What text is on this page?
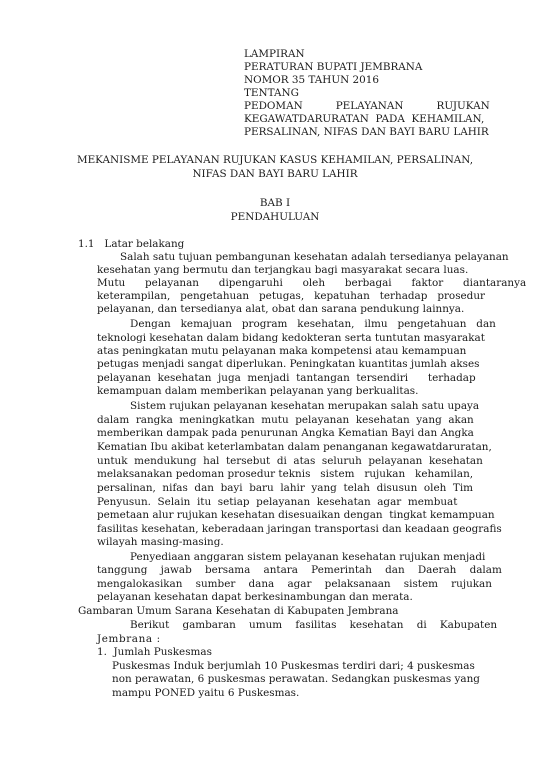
LAMPIRAN
PERATURAN BUPATI JEMBRANA
NOMOR 35 TAHUN 2016
TENTANG
PEDOMAN          PELAYANAN          RUJUKAN
KEGAWATDARURATAN  PADA  KEHAMILAN,
PERSALINAN, NIFAS DAN BAYI BARU LAHIR
MEKANISME PELAYANAN RUJUKAN KASUS KEHAMILAN, PERSALINAN,
NIFAS DAN BAYI BARU LAHIR
BAB I
PENDAHULUAN
1.1   Latar belakang
Salah satu tujuan pembangunan kesehatan adalah tersedianya pelayanan
kesehatan yang bermutu dan terjangkau bagi masyarakat secara luas.
Mutu      pelayanan      dipengaruhi      oleh      berbagai      faktor      diantaranya
keterampilan,   pengetahuan   petugas,   kepatuhan   terhadap   prosedur
pelayanan, dan tersedianya alat, obat dan sarana pendukung lainnya.
Dengan   kemajuan   program   kesehatan,   ilmu   pengetahuan   dan
teknologi kesehatan dalam bidang kedokteran serta tuntutan masyarakat
atas peningkatan mutu pelayanan maka kompetensi atau kemampuan
petugas menjadi sangat diperlukan. Peningkatan kuantitas jumlah akses
pelayanan  kesehatan  juga  menjadi  tantangan  tersendiri      terhadap
kemampuan dalam memberikan pelayanan yang berkualitas.
Sistem rujukan pelayanan kesehatan merupakan salah satu upaya
dalam  rangka  meningkatkan  mutu  pelayanan  kesehatan  yang  akan
memberikan dampak pada penurunan Angka Kematian Bayi dan Angka
Kematian Ibu akibat keterlambatan dalam penanganan kegawatdaruratan,
untuk  mendukung  hal  tersebut  di  atas  seluruh  pelayanan  kesehatan
melaksanakan pedoman prosedur teknis   sistem   rujukan   kehamilan,
persalinan,  nifas  dan  bayi  baru  lahir  yang  telah  disusun  oleh  Tim
Penyusun.  Selain  itu  setiap  pelayanan  kesehatan  agar  membuat
pemetaan alur rujukan kesehatan disesuaikan dengan  tingkat kemampuan
fasilitas kesehatan, keberadaan jaringan transportasi dan keadaan geografis
wilayah masing-masing.
Penyediaan anggaran sistem pelayanan kesehatan rujukan menjadi
tanggung    jawab    bersama    antara    Pemerintah    dan    Daerah    dalam
mengalokasikan    sumber    dana    agar    pelaksanaan    sistem    rujukan
pelayanan kesehatan dapat berkesinambungan dan merata.
Gambaran Umum Sarana Kesehatan di Kabupaten Jembrana
Berikut    gambaran    umum    fasilitas    kesehatan    di    Kabupaten
Jembrana :
1.  Jumlah Puskesmas
Puskesmas Induk berjumlah 10 Puskesmas terdiri dari; 4 puskesmas
non perawatan, 6 puskesmas perawatan. Sedangkan puskesmas yang
mampu PONED yaitu 6 Puskesmas.
